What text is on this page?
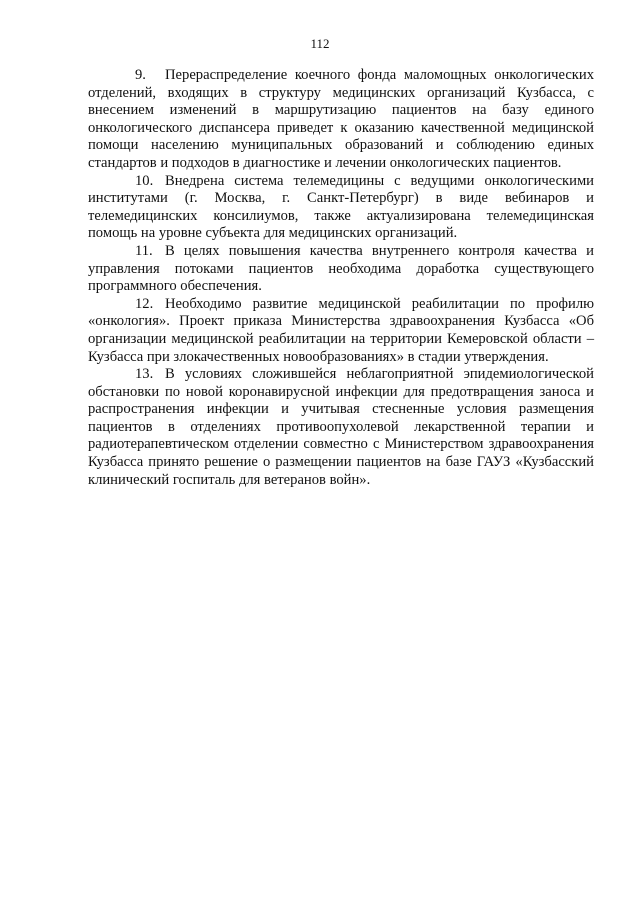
112

9. Перераспределение коечного фонда маломощных онкологических отделений, входящих в структуру медицинских организаций Кузбасса, с внесением изменений в маршрутизацию пациентов на базу единого онкологического диспансера приведет к оказанию качественной медицинской помощи населению муниципальных образований и соблюдению единых стандартов и подходов в диагностике и лечении онкологических пациентов.

10. Внедрена система телемедицины с ведущими онкологическими институтами (г. Москва, г. Санкт-Петербург) в виде вебинаров и телемедицинских консилиумов, также актуализирована телемедицинская помощь на уровне субъекта для медицинских организаций.

11. В целях повышения качества внутреннего контроля качества и управления потоками пациентов необходима доработка существующего программного обеспечения.

12. Необходимо развитие медицинской реабилитации по профилю «онкология». Проект приказа Министерства здравоохранения Кузбасса «Об организации медицинской реабилитации на территории Кемеровской области – Кузбасса при злокачественных новообразованиях» в стадии утверждения.

13. В условиях сложившейся неблагоприятной эпидемиологической обстановки по новой коронавирусной инфекции для предотвращения заноса и распространения инфекции и учитывая стесненные условия размещения пациентов в отделениях противоопухолевой лекарственной терапии и радиотерапевтическом отделении совместно с Министерством здравоохранения Кузбасса принято решение о размещении пациентов на базе ГАУЗ «Кузбасский клинический госпиталь для ветеранов войн».
